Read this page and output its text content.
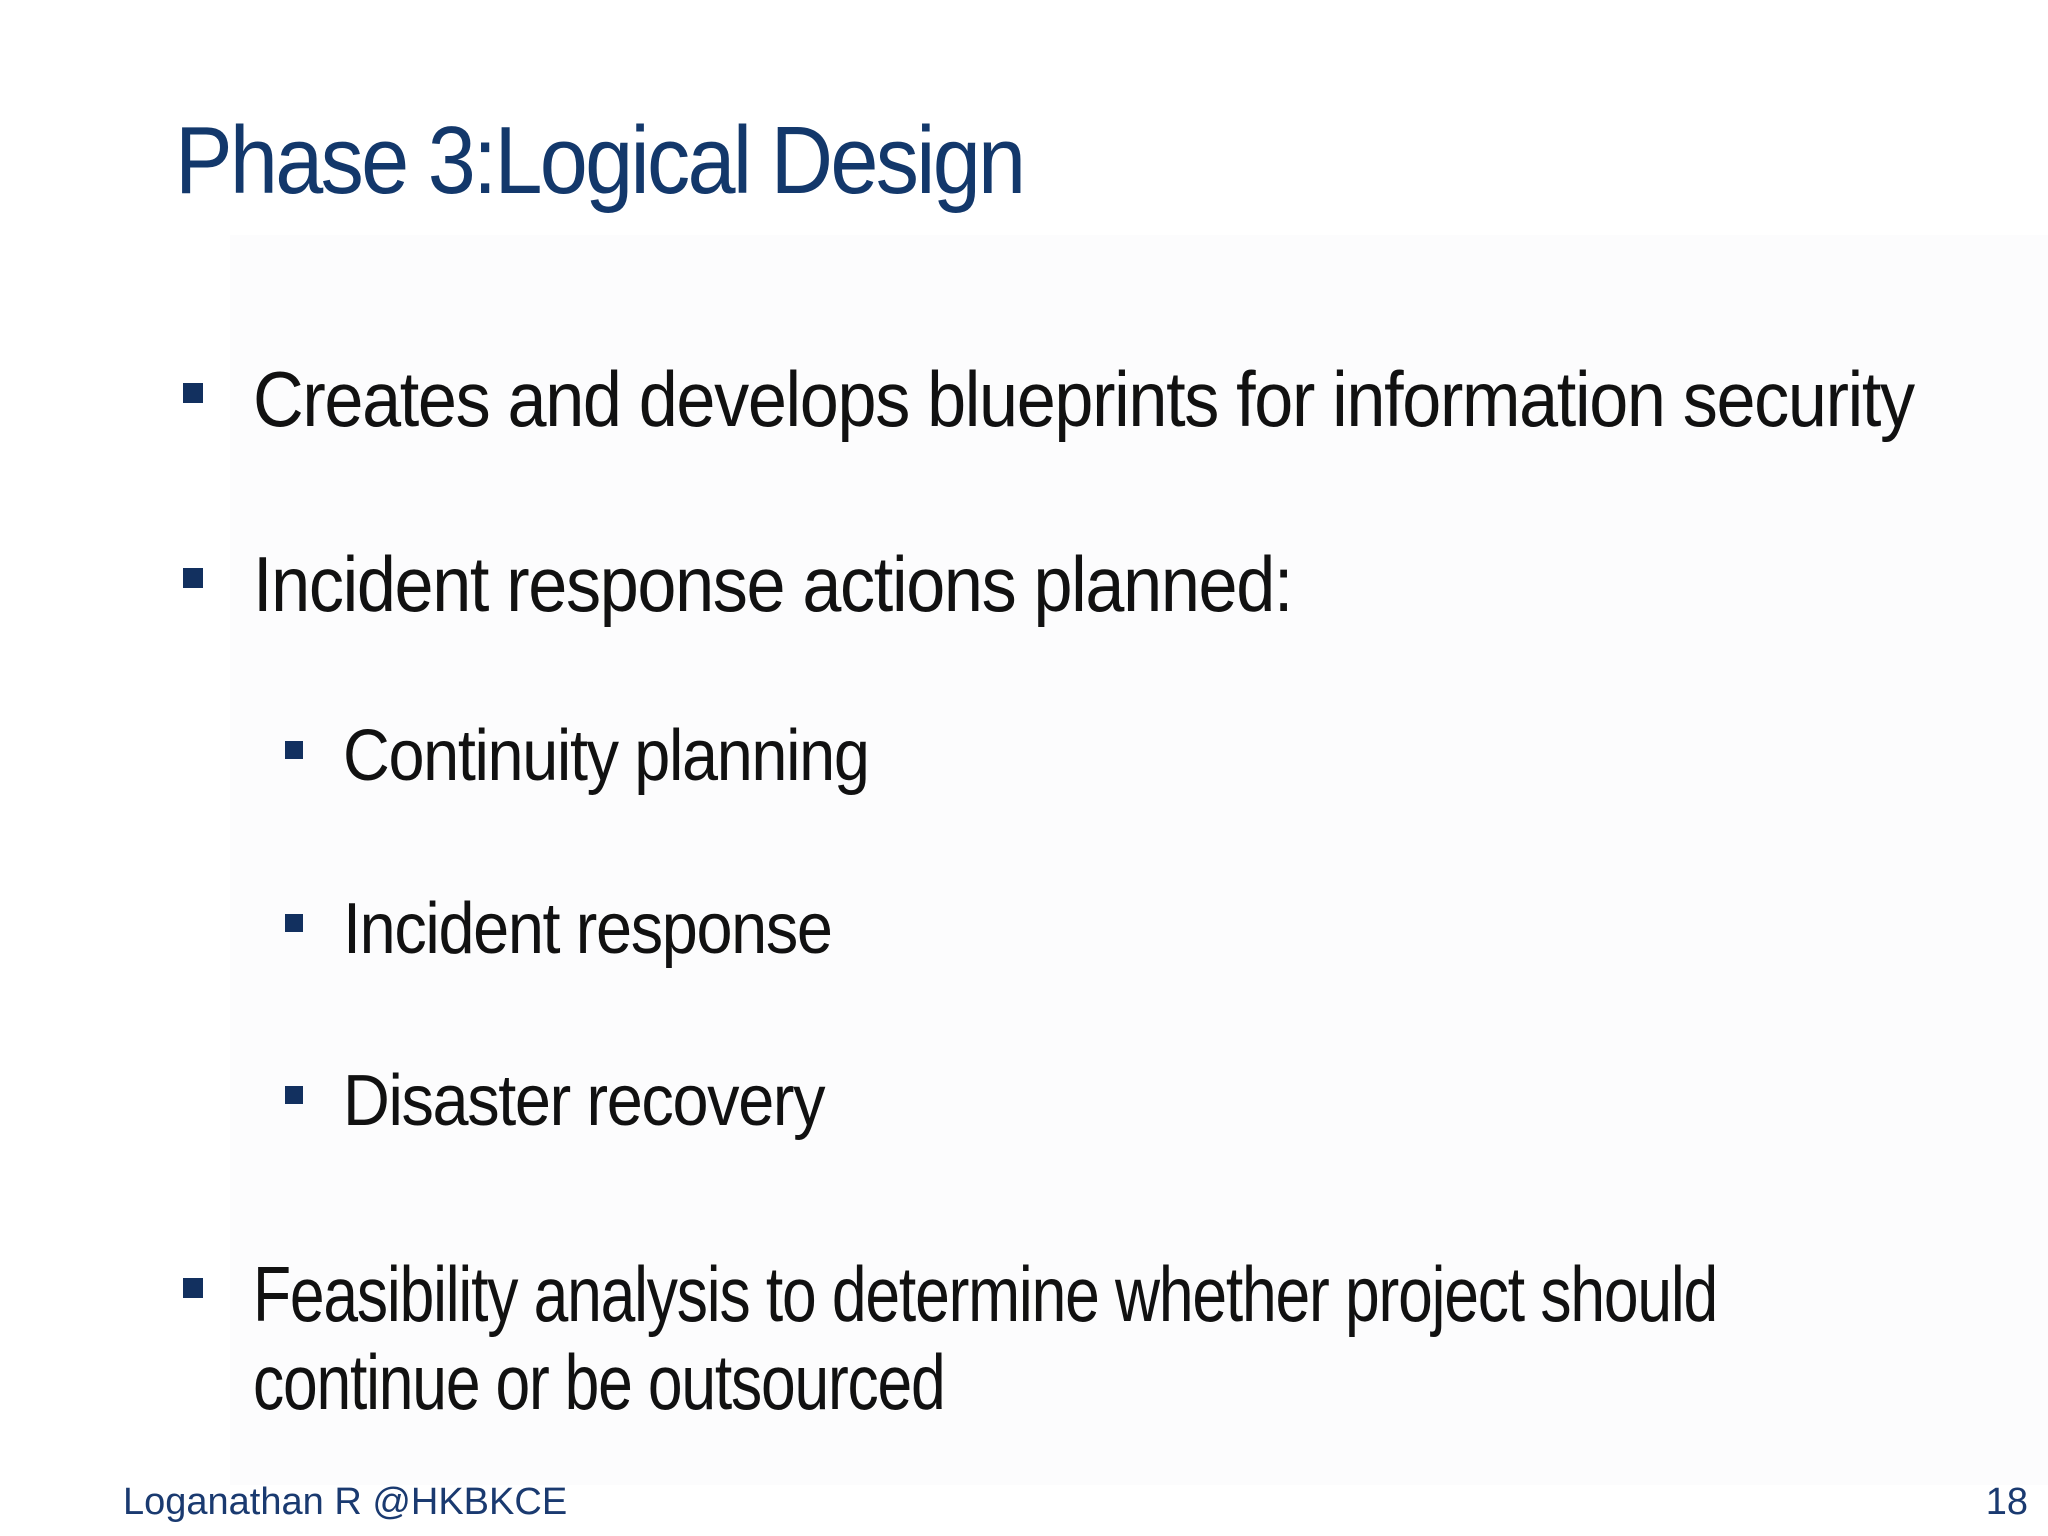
Phase 3:Logical Design
Creates and develops blueprints for information security
Incident response actions planned:
Continuity planning
Incident response
Disaster recovery
Feasibility analysis to determine whether project should continue or be outsourced
Loganathan R @HKBKCE	18
